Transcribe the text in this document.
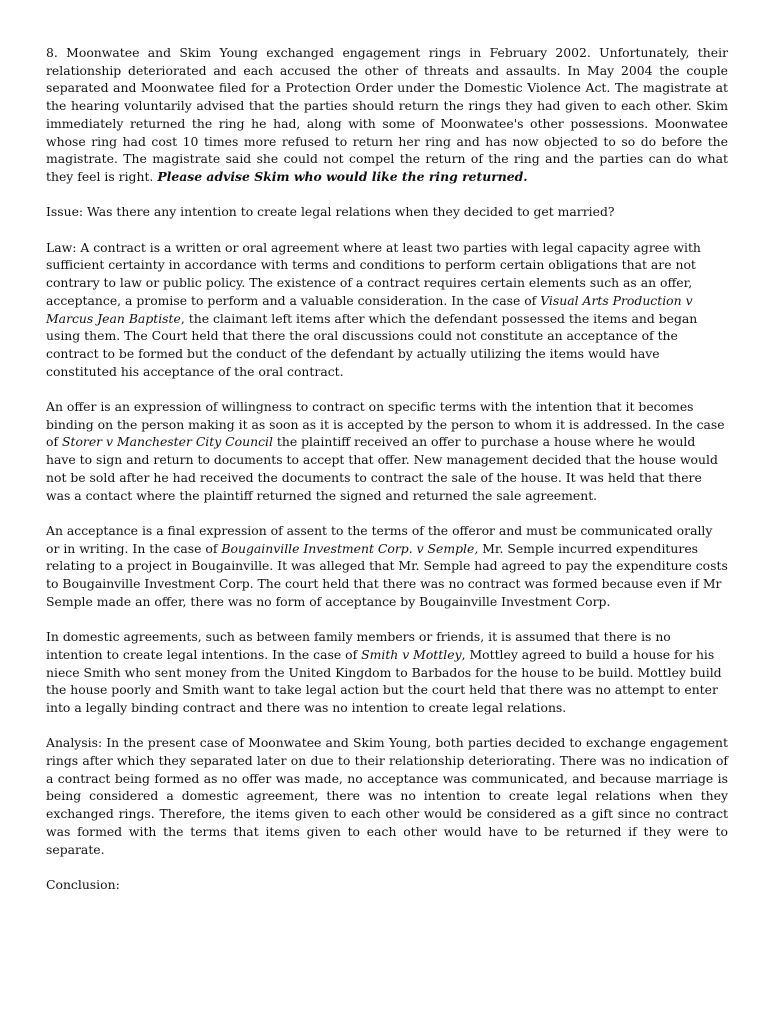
8. Moonwatee and Skim Young exchanged engagement rings in February 2002. Unfortunately, their relationship deteriorated and each accused the other of threats and assaults. In May 2004 the couple separated and Moonwatee filed for a Protection Order under the Domestic Violence Act. The magistrate at the hearing voluntarily advised that the parties should return the rings they had given to each other. Skim immediately returned the ring he had, along with some of Moonwatee's other possessions. Moonwatee whose ring had cost 10 times more refused to return her ring and has now objected to so do before the magistrate. The magistrate said she could not compel the return of the ring and the parties can do what they feel is right. Please advise Skim who would like the ring returned.

Issue: Was there any intention to create legal relations when they decided to get married?

Law: A contract is a written or oral agreement where at least two parties with legal capacity agree with sufficient certainty in accordance with terms and conditions to perform certain obligations that are not contrary to law or public policy. The existence of a contract requires certain elements such as an offer, acceptance, a promise to perform and a valuable consideration. In the case of Visual Arts Production v Marcus Jean Baptiste, the claimant left items after which the defendant possessed the items and began using them. The Court held that there the oral discussions could not constitute an acceptance of the contract to be formed but the conduct of the defendant by actually utilizing the items would have constituted his acceptance of the oral contract.

An offer is an expression of willingness to contract on specific terms with the intention that it becomes binding on the person making it as soon as it is accepted by the person to whom it is addressed. In the case of Storer v Manchester City Council the plaintiff received an offer to purchase a house where he would have to sign and return to documents to accept that offer. New management decided that the house would not be sold after he had received the documents to contract the sale of the house. It was held that there was a contact where the plaintiff returned the signed and returned the sale agreement.

An acceptance is a final expression of assent to the terms of the offeror and must be communicated orally or in writing. In the case of Bougainville Investment Corp. v Semple, Mr. Semple incurred expenditures relating to a project in Bougainville. It was alleged that Mr. Semple had agreed to pay the expenditure costs to Bougainville Investment Corp. The court held that there was no contract was formed because even if Mr Semple made an offer, there was no form of acceptance by Bougainville Investment Corp.

In domestic agreements, such as between family members or friends, it is assumed that there is no intention to create legal intentions. In the case of Smith v Mottley, Mottley agreed to build a house for his niece Smith who sent money from the United Kingdom to Barbados for the house to be build. Mottley build the house poorly and Smith want to take legal action but the court held that there was no attempt to enter into a legally binding contract and there was no intention to create legal relations.

Analysis: In the present case of Moonwatee and Skim Young, both parties decided to exchange engagement rings after which they separated later on due to their relationship deteriorating. There was no indication of a contract being formed as no offer was made, no acceptance was communicated, and because marriage is being considered a domestic agreement, there was no intention to create legal relations when they exchanged rings. Therefore, the items given to each other would be considered as a gift since no contract was formed with the terms that items given to each other would have to be returned if they were to separate.

Conclusion:
